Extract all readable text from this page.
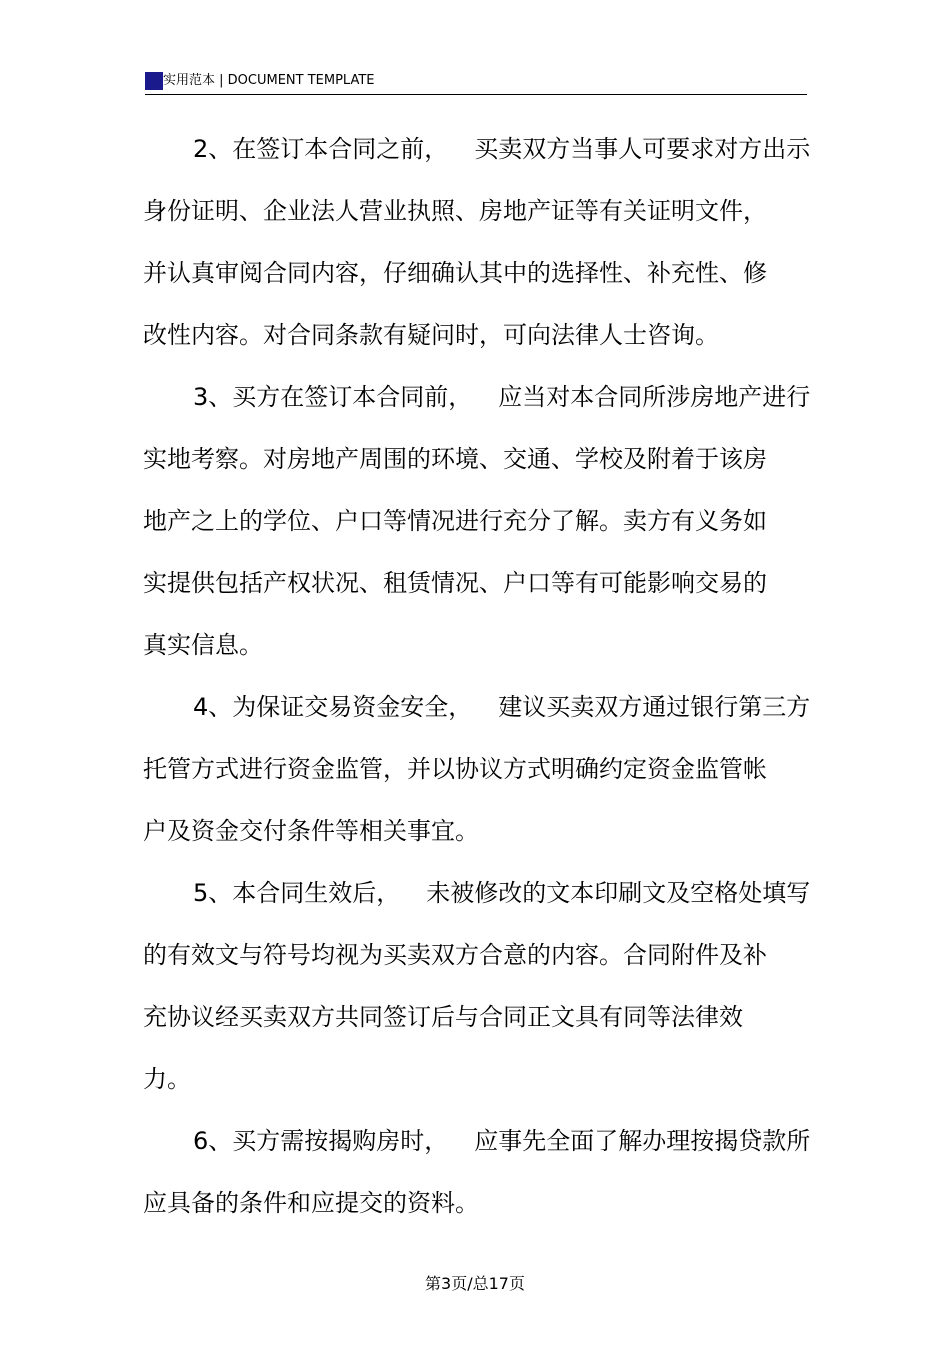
实用范本 | DOCUMENT TEMPLATE
2、在签订本合同之前， 买卖双方当事人可要求对方出示
身份证明、企业法人营业执照、房地产证等有关证明文件，
并认真审阅合同内容，仔细确认其中的选择性、补充性、修
改性内容。对合同条款有疑问时，可向法律人士咨询。
3、买方在签订本合同前， 应当对本合同所涉房地产进行
实地考察。对房地产周围的环境、交通、学校及附着于该房
地产之上的学位、户口等情况进行充分了解。卖方有义务如
实提供包括产权状况、租赁情况、户口等有可能影响交易的
真实信息。
4、为保证交易资金安全， 建议买卖双方通过银行第三方
托管方式进行资金监管，并以协议方式明确约定资金监管帐
户及资金交付条件等相关事宜。
5、本合同生效后， 未被修改的文本印刷文及空格处填写
的有效文与符号均视为买卖双方合意的内容。合同附件及补
充协议经买卖双方共同签订后与合同正文具有同等法律效
力。
6、买方需按揭购房时， 应事先全面了解办理按揭贷款所
应具备的条件和应提交的资料。
第3页/总17页
